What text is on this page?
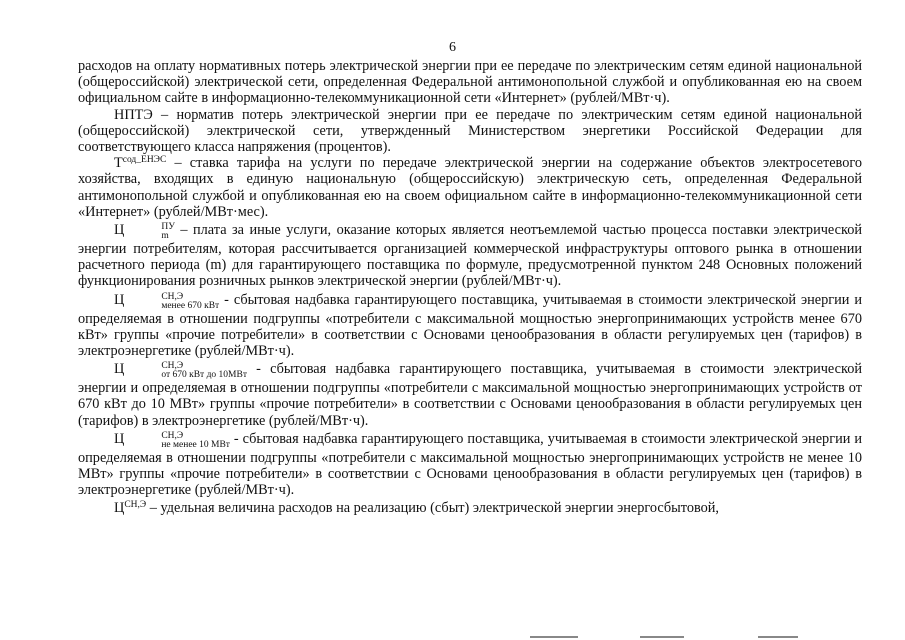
6

расходов на оплату нормативных потерь электрической энергии при ее передаче по электрическим сетям единой национальной (общероссийской) электрической сети, определенная Федеральной антимонопольной службой и опубликованная ею на своем официальном сайте в информационно-телекоммуникационной сети «Интернет» (рублей/МВт·ч).

НПТЭ – норматив потерь электрической энергии при ее передаче по электрическим сетям единой национальной (общероссийской) электрической сети, утвержденный Министерством энергетики Российской Федерации для соответствующего класса напряжения (процентов).

$Т^{сод\_ЕНЭС}$ – ставка тарифа на услуги по передаче электрической энергии на содержание объектов электросетевого хозяйства, входящих в единую национальную (общероссийскую) электрическую сеть, определенная Федеральной антимонопольной службой и опубликованная ею на своем официальном сайте в информационно-телекоммуникационной сети «Интернет» (рублей/МВт·мес).

Ц	ПУ
m – плата за иные услуги, оказание которых является неотъемлемой частью процесса поставки электрической энергии потребителям, которая рассчитывается организацией коммерческой инфраструктуры оптового рынка в отношении расчетного периода (m) для гарантирующего поставщика по формуле, предусмотренной пунктом 248 Основных положений функционирования розничных рынков электрической энергии (рублей/МВт·ч).

Ц	СН,Э
менее 670 кВт - сбытовая надбавка гарантирующего поставщика, учитываемая в стоимости электрической энергии и определяемая в отношении подгруппы «потребители с максимальной мощностью энергопринимающих устройств менее 670 кВт» группы «прочие потребители» в соответствии с Основами ценообразования в области регулируемых цен (тарифов) в электроэнергетике (рублей/МВт·ч).

Ц	СН,Э
от 670 кВт до 10МВт - сбытовая надбавка гарантирующего поставщика, учитываемая в стоимости электрической энергии и определяемая в отношении подгруппы «потребители с максимальной мощностью энергопринимающих устройств от 670 кВт до 10 МВт» группы «прочие потребители» в соответствии с Основами ценообразования в области регулируемых цен (тарифов) в электроэнергетике (рублей/МВт·ч).

Ц	СН,Э
не менее 10 МВт - сбытовая надбавка гарантирующего поставщика, учитываемая в стоимости электрической энергии и определяемая в отношении подгруппы «потребители с максимальной мощностью энергопринимающих устройств не менее 10 МВт» группы «прочие потребители» в соответствии с Основами ценообразования в области регулируемых цен (тарифов) в электроэнергетике (рублей/МВт·ч).

$Ц^{СН,Э}$ – удельная величина расходов на реализацию (сбыт) электрической энергии энергосбытовой,
